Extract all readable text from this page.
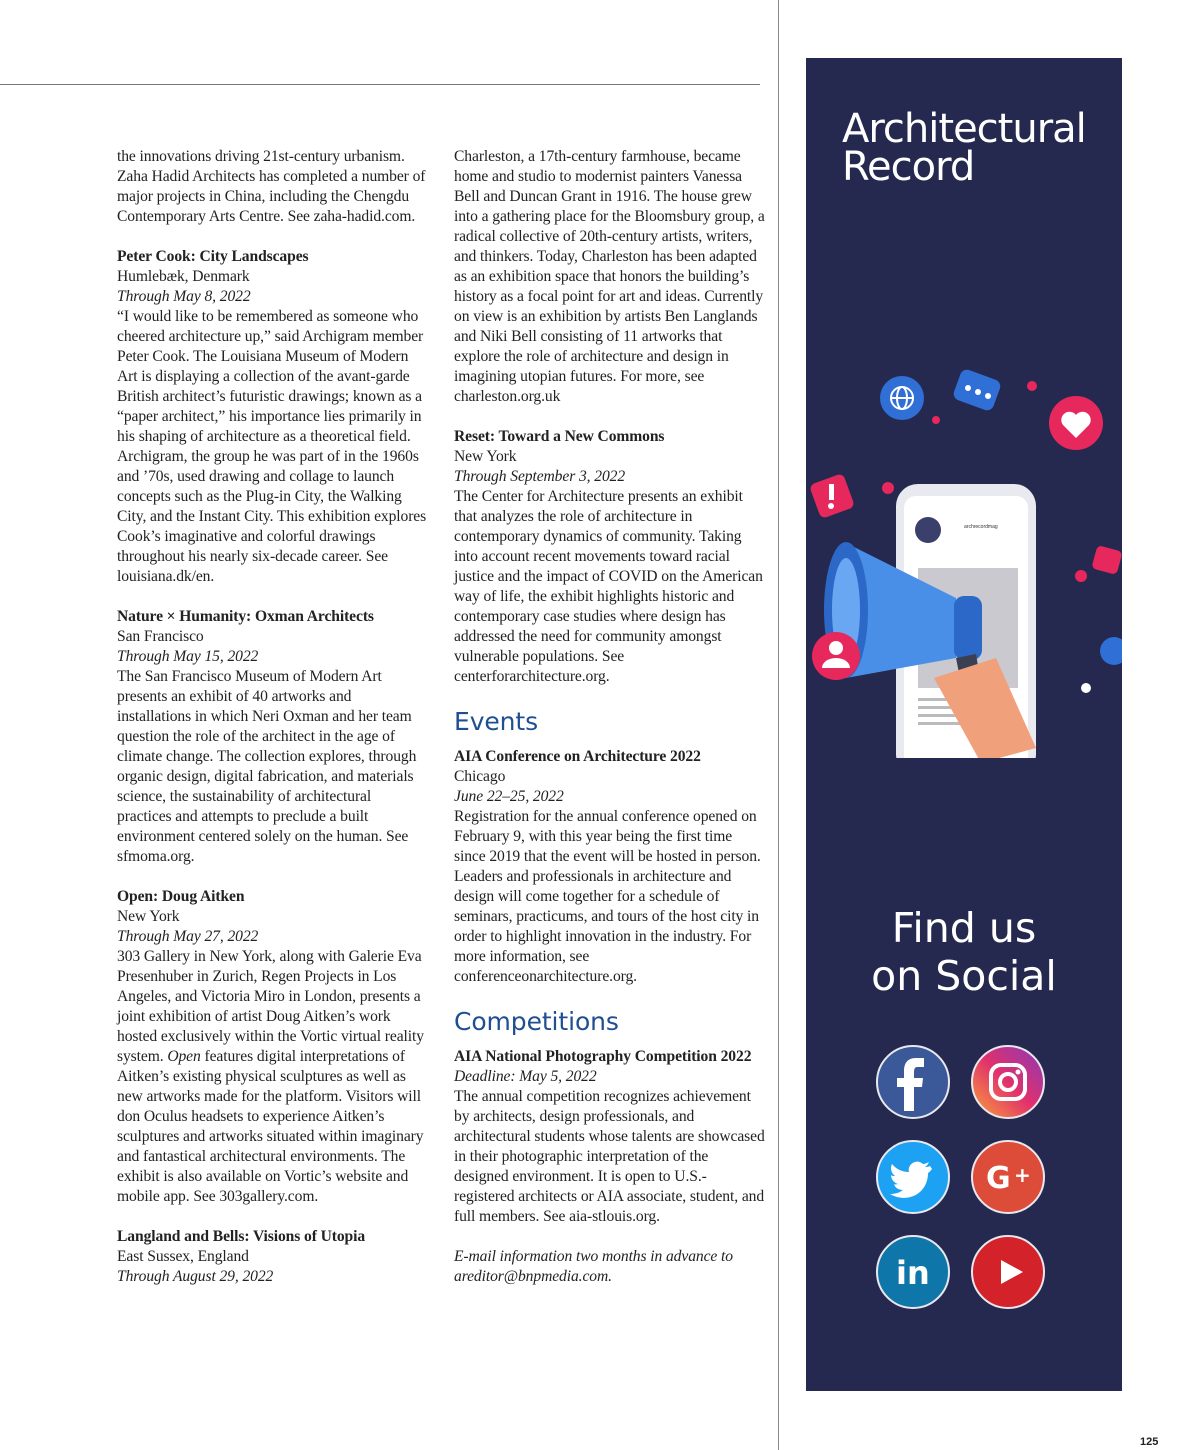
the innovations driving 21st-century urbanism. Zaha Hadid Architects has completed a number of major projects in China, including the Chengdu Contemporary Arts Centre. See zaha-hadid.com.

Peter Cook: City Landscapes

Humlebæk, Denmark

Through May 8, 2022

“I would like to be remembered as someone who cheered architecture up,” said Archigram member Peter Cook. The Louisiana Museum of Modern Art is displaying a collection of the avant-garde British architect’s futuristic drawings; known as a “paper architect,” his importance lies primarily in his shaping of architecture as a theoretical field. Archigram, the group he was part of in the 1960s and ’70s, used drawing and collage to launch concepts such as the Plug-in City, the Walking City, and the Instant City. This exhibition explores Cook’s imaginative and colorful drawings throughout his nearly six-decade career. See louisiana.dk/en.

Nature × Humanity: Oxman Architects

San Francisco

Through May 15, 2022

The San Francisco Museum of Modern Art presents an exhibit of 40 artworks and installations in which Neri Oxman and her team question the role of the architect in the age of climate change. The collection explores, through organic design, digital fabrication, and materials science, the sustainability of architectural practices and attempts to preclude a built environment centered solely on the human. See sfmoma.org.

Open: Doug Aitken

New York

Through May 27, 2022

303 Gallery in New York, along with Galerie Eva Presenhuber in Zurich, Regen Projects in Los Angeles, and Victoria Miro in London, presents a joint exhibition of artist Doug Aitken’s work hosted exclusively within the Vortic virtual reality system. Open features digital interpretations of Aitken’s existing physical sculptures as well as new artworks made for the platform. Visitors will don Oculus headsets to experience Aitken’s sculptures and artworks situated within imaginary and fantastical architectural environments. The exhibit is also available on Vortic’s website and mobile app. See 303gallery.com.

Langland and Bells: Visions of Utopia

East Sussex, England

Through August 29, 2022

Charleston, a 17th-century farmhouse, became home and studio to modernist painters Vanessa Bell and Duncan Grant in 1916. The house grew into a gathering place for the Bloomsbury group, a radical collective of 20th-century artists, writers, and thinkers. Today, Charleston has been adapted as an exhibition space that honors the building’s history as a focal point for art and ideas. Currently on view is an exhibition by artists Ben Langlands and Niki Bell consisting of 11 artworks that explore the role of architecture and design in imagining utopian futures. For more, see charleston.org.uk

Reset: Toward a New Commons

New York

Through September 3, 2022

The Center for Architecture presents an exhibit that analyzes the role of architecture in contemporary dynamics of community. Taking into account recent movements toward racial justice and the impact of COVID on the American way of life, the exhibit highlights historic and contemporary case studies where design has addressed the need for community amongst vulnerable populations. See centerforarchitecture.org.

Events

AIA Conference on Architecture 2022

Chicago

June 22–25, 2022

Registration for the annual conference opened on February 9, with this year being the first time since 2019 that the event will be hosted in person. Leaders and professionals in architecture and design will come together for a schedule of seminars, practicums, and tours of the host city in order to highlight innovation in the industry. For more information, see conferenceonarchitecture.org.

Competitions

AIA National Photography Competition 2022

Deadline: May 5, 2022

The annual competition recognizes achievement by architects, design professionals, and architectural students whose talents are showcased in their photographic interpretation of the designed environment. It is open to U.S.-registered architects or AIA associate, student, and full members. See aia-stlouis.org.

E-mail information two months in advance to areditor@bnpmedia.com.

Architectural
Record
archrecordmag
Find us
on Social
G +
in
125
